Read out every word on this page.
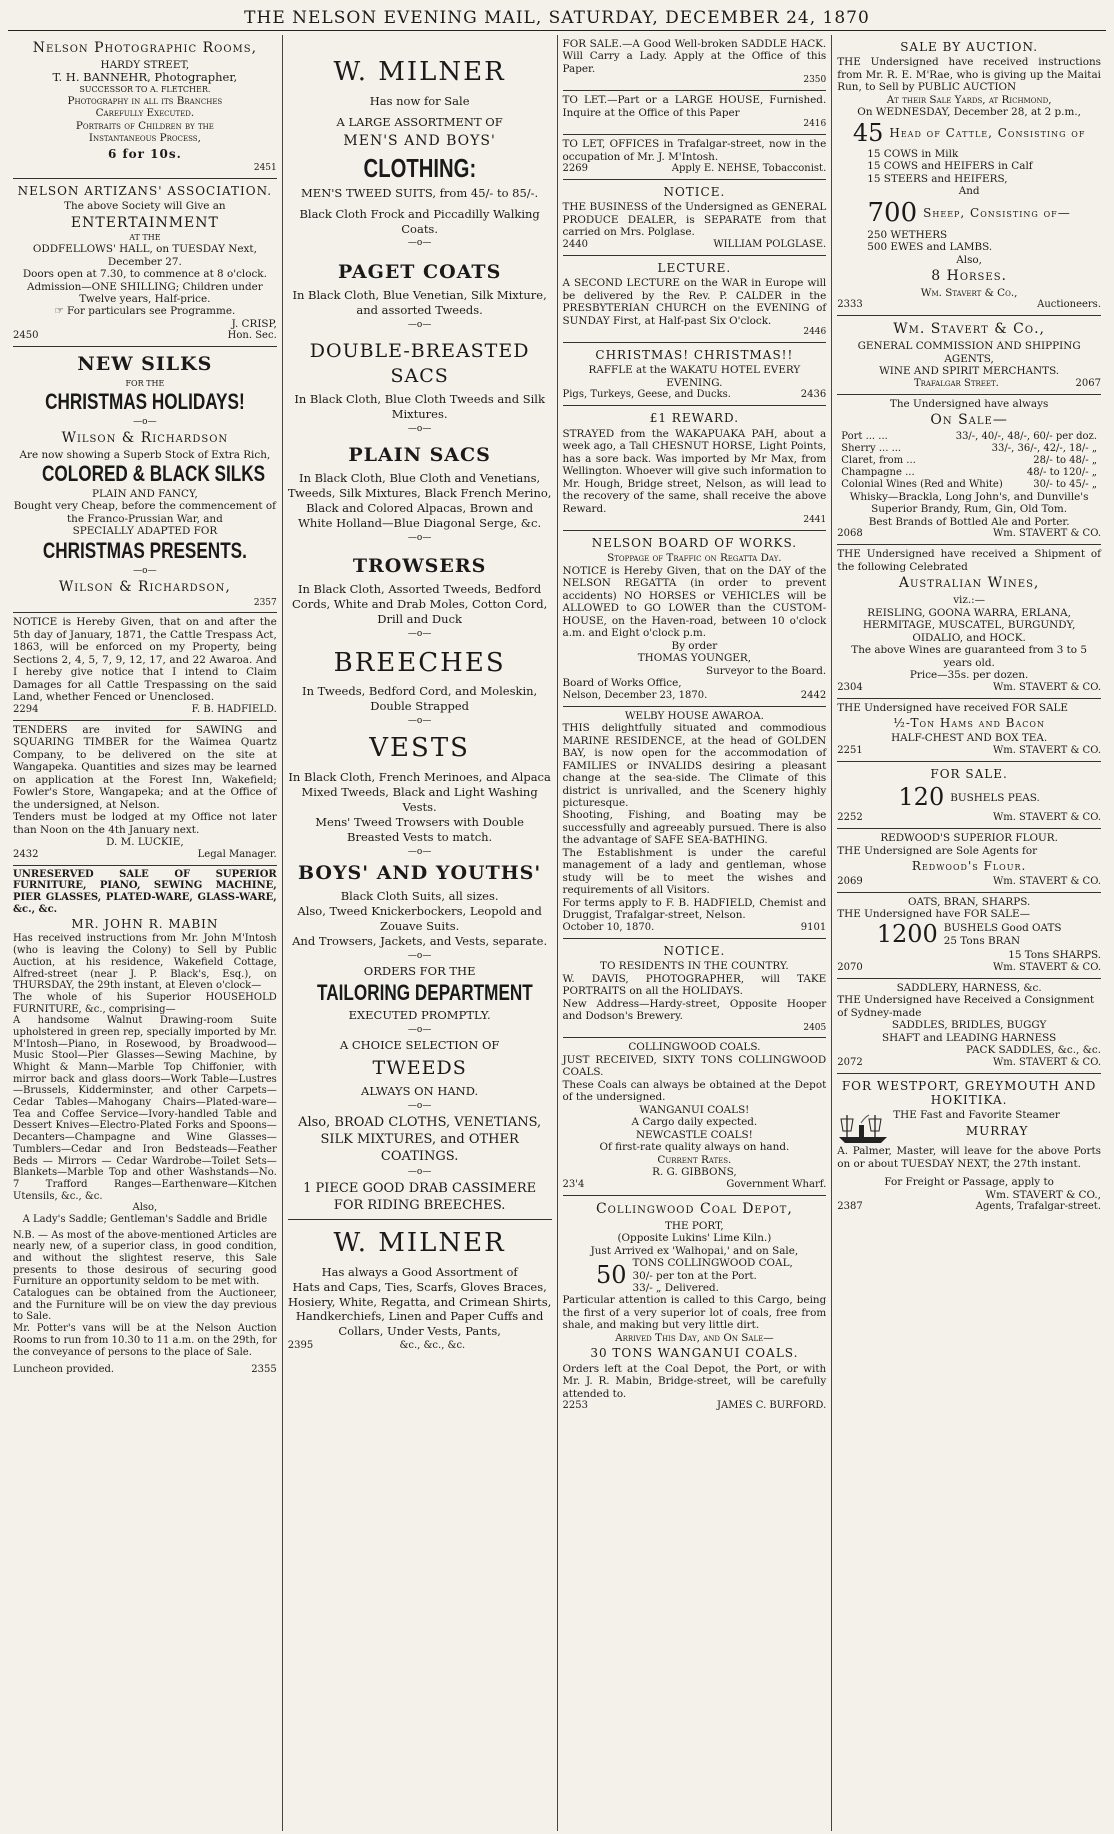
THE NELSON EVENING MAIL, SATURDAY, DECEMBER 24, 1870
Nelson Photographic Rooms,
HARDY STREET,
T. H. BANNEHR, Photographer,
SUCCESSOR TO A. FLETCHER.
Photography in all its Branches
Carefully Executed.
Portraits of Children by the
Instantaneous Process,
6 for 10s.
2451
NELSON ARTIZANS' ASSOCIATION.
The above Society will Give an
ENTERTAINMENT
AT THE
ODDFELLOWS' HALL, on TUESDAY Next, December 27.
Doors open at 7.30, to commence at 8 o'clock.
Admission—ONE SHILLING; Children under Twelve years, Half-price.
☞ For particulars see Programme.
J. CRISP,
2450	Hon. Sec.
NEW SILKS
FOR THE
CHRISTMAS HOLIDAYS!
—o—
Wilson & Richardson
Are now showing a Superb Stock of Extra Rich,
COLORED & BLACK SILKS
PLAIN AND FANCY,
Bought very Cheap, before the commencement of the Franco-Prussian War, and
SPECIALLY ADAPTED FOR
CHRISTMAS PRESENTS.
—o—
Wilson & Richardson,
2357
NOTICE is Hereby Given, that on and after the 5th day of January, 1871, the Cattle Trespass Act, 1863, will be enforced on my Property, being Sections 2, 4, 5, 7, 9, 12, 17, and 22 Awaroa. And I hereby give notice that I intend to Claim Damages for all Cattle Trespassing on the said Land, whether Fenced or Unenclosed.
2294	F. B. HADFIELD.
TENDERS are invited for SAWING and SQUARING TIMBER for the Waimea Quartz Company, to be delivered on the site at Wangapeka. Quantities and sizes may be learned on application at the Forest Inn, Wakefield; Fowler's Store, Wangapeka; and at the Office of the undersigned, at Nelson.
Tenders must be lodged at my Office not later than Noon on the 4th January next.
D. M. LUCKIE,
2432	Legal Manager.
UNRESERVED SALE OF SUPERIOR FURNITURE, PIANO, SEWING MACHINE, PIER GLASSES, PLATED-WARE, GLASS-WARE, &c., &c.
MR. JOHN R. MABIN
Has received instructions from Mr. John M'Intosh (who is leaving the Colony) to Sell by Public Auction, at his residence, Wakefield Cottage, Alfred-street (near J. P. Black's, Esq.), on THURSDAY, the 29th instant, at Eleven o'clock—
The whole of his Superior HOUSEHOLD FURNITURE, &c., comprising—
A handsome Walnut Drawing-room Suite upholstered in green rep, specially imported by Mr. M'Intosh—Piano, in Rosewood, by Broadwood—Music Stool—Pier Glasses—Sewing Machine, by Whight & Mann—Marble Top Chiffonier, with mirror back and glass doors—Work Table—Lustres—Brussels, Kidderminster, and other Carpets—Cedar Tables—Mahogany Chairs—Plated-ware—Tea and Coffee Service—Ivory-handled Table and Dessert Knives—Electro-Plated Forks and Spoons—Decanters—Champagne and Wine Glasses—Tumblers—Cedar and Iron Bedsteads—Feather Beds — Mirrors — Cedar Wardrobe—Toilet Sets—Blankets—Marble Top and other Washstands—No. 7 Trafford Ranges—Earthenware—Kitchen Utensils, &c., &c.
Also,
A Lady's Saddle; Gentleman's Saddle and Bridle
N.B. — As most of the above-mentioned Articles are nearly new, of a superior class, in good condition, and without the slightest reserve, this Sale presents to those desirous of securing good Furniture an opportunity seldom to be met with.
Catalogues can be obtained from the Auctioneer, and the Furniture will be on view the day previous to Sale.
Mr. Potter's vans will be at the Nelson Auction Rooms to run from 10.30 to 11 a.m. on the 29th, for the conveyance of persons to the place of Sale.
Luncheon provided.	2355
W. MILNER
Has now for Sale
A LARGE ASSORTMENT OF
MEN'S AND BOYS'
CLOTHING:
MEN'S TWEED SUITS, from 45/- to 85/-.
Black Cloth Frock and Piccadilly Walking Coats.
—o—
PAGET COATS
In Black Cloth, Blue Venetian, Silk Mixture, and assorted Tweeds.
—o—
DOUBLE-BREASTED SACS
In Black Cloth, Blue Cloth Tweeds and Silk Mixtures.
—o—
PLAIN SACS
In Black Cloth, Blue Cloth and Venetians, Tweeds, Silk Mixtures, Black French Merino, Black and Colored Alpacas, Brown and White Holland—Blue Diagonal Serge, &c.
—o—
TROWSERS
In Black Cloth, Assorted Tweeds, Bedford Cords, White and Drab Moles, Cotton Cord, Drill and Duck
—o—
BREECHES
In Tweeds, Bedford Cord, and Moleskin, Double Strapped
—o—
VESTS
In Black Cloth, French Merinoes, and Alpaca Mixed Tweeds, Black and Light Washing Vests.
Mens' Tweed Trowsers with Double Breasted Vests to match.
—o—
BOYS' AND YOUTHS'
Black Cloth Suits, all sizes.
Also, Tweed Knickerbockers, Leopold and Zouave Suits.
And Trowsers, Jackets, and Vests, separate.
—o—
ORDERS FOR THE
TAILORING DEPARTMENT
EXECUTED PROMPTLY.
—o—
A CHOICE SELECTION OF
TWEEDS
ALWAYS ON HAND.
—o—
Also, BROAD CLOTHS, VENETIANS, SILK MIXTURES, and OTHER COATINGS.
—o—
1 PIECE GOOD DRAB CASSIMERE FOR RIDING BREECHES.
W. MILNER
Has always a Good Assortment of
Hats and Caps, Ties, Scarfs, Gloves Braces, Hosiery, White, Regatta, and Crimean Shirts, Handkerchiefs, Linen and Paper Cuffs and Collars, Under Vests, Pants,
2395	&c., &c., &c.
FOR SALE.—A Good Well-broken SADDLE HACK. Will Carry a Lady. Apply at the Office of this Paper.
2350
TO LET.—Part or a LARGE HOUSE, Furnished. Inquire at the Office of this Paper
2416
TO LET, OFFICES in Trafalgar-street, now in the occupation of Mr. J. M'Intosh.
2269	Apply E. NEHSE, Tobacconist.
NOTICE.
THE BUSINESS of the Undersigned as GENERAL PRODUCE DEALER, is SEPARATE from that carried on Mrs. Polglase.
2440	WILLIAM POLGLASE.
LECTURE.
A SECOND LECTURE on the WAR in Europe will be delivered by the Rev. P. CALDER in the PRESBYTERIAN CHURCH on the EVENING of SUNDAY First, at Half-past Six O'clock.
2446
CHRISTMAS! CHRISTMAS!!
RAFFLE at the WAKATU HOTEL EVERY EVENING.
Pigs, Turkeys, Geese, and Ducks.	2436
£1 REWARD.
STRAYED from the WAKAPUAKA PAH, about a week ago, a Tall CHESNUT HORSE, Light Points, has a sore back. Was imported by Mr Max, from Wellington. Whoever will give such information to Mr. Hough, Bridge street, Nelson, as will lead to the recovery of the same, shall receive the above Reward.
2441
NELSON BOARD OF WORKS.
Stoppage of Traffic on Regatta Day.
NOTICE is Hereby Given, that on the DAY of the NELSON REGATTA (in order to prevent accidents) NO HORSES or VEHICLES will be ALLOWED to GO LOWER than the CUSTOM-HOUSE, on the Haven-road, between 10 o'clock a.m. and Eight o'clock p.m.
By order
THOMAS YOUNGER,
Surveyor to the Board.
Board of Works Office,
Nelson, December 23, 1870.	2442
WELBY HOUSE AWAROA.
THIS delightfully situated and commodious MARINE RESIDENCE, at the head of GOLDEN BAY, is now open for the accommodation of FAMILIES or INVALIDS desiring a pleasant change at the sea-side. The Climate of this district is unrivalled, and the Scenery highly picturesque.
Shooting, Fishing, and Boating may be successfully and agreeably pursued. There is also the advantage of SAFE SEA-BATHING.
The Establishment is under the careful management of a lady and gentleman, whose study will be to meet the wishes and requirements of all Visitors.
For terms apply to F. B. HADFIELD, Chemist and Druggist, Trafalgar-street, Nelson.
October 10, 1870.	9101
NOTICE.
TO RESIDENTS IN THE COUNTRY.
W. DAVIS, PHOTOGRAPHER, will TAKE PORTRAITS on all the HOLIDAYS.
New Address—Hardy-street, Opposite Hooper and Dodson's Brewery.
2405
COLLINGWOOD COALS.
JUST RECEIVED, SIXTY TONS COLLINGWOOD COALS.
These Coals can always be obtained at the Depot of the undersigned.
WANGANUI COALS!
A Cargo daily expected.
NEWCASTLE COALS!
Of first-rate quality always on hand.
Current Rates.
R. G. GIBBONS,
23'4	Government Wharf.
Collingwood Coal Depot,
THE PORT,
(Opposite Lukins' Lime Kiln.)
Just Arrived ex 'Walhopai,' and on Sale,
50 TONS COLLINGWOOD COAL,
30/- per ton at the Port.
33/- „ Delivered.
Particular attention is called to this Cargo, being the first of a very superior lot of coals, free from shale, and making but very little dirt.
Arrived This Day, and On Sale—
30 TONS WANGANUI COALS.
Orders left at the Coal Depot, the Port, or with Mr. J. R. Mabin, Bridge-street, will be carefully attended to.
2253	JAMES C. BURFORD.
SALE BY AUCTION.
THE Undersigned have received instructions from Mr. R. E. M'Rae, who is giving up the Maitai Run, to Sell by PUBLIC AUCTION
At their Sale Yards, at Richmond,
On WEDNESDAY, December 28, at 2 p.m.,
45 Head of Cattle, Consisting of
15 COWS in Milk
15 COWS and HEIFERS in Calf
15 STEERS and HEIFERS,
And
700 Sheep, Consisting of—
250 WETHERS
500 EWES and LAMBS.
Also,
8 Horses.
Wm. Stavert & Co.,
2333	Auctioneers.
Wm. Stavert & Co.,
GENERAL COMMISSION AND SHIPPING AGENTS,
WINE AND SPIRIT MERCHANTS.
Trafalgar Street.	2067
The Undersigned have always
On Sale—
Port ... ...	33/-, 40/-, 48/-, 60/- per doz.
Sherry ... ...	33/-, 36/-, 42/-, 18/- „
Claret, from ...	28/- to 48/- „
Champagne ...	48/- to 120/- „
Colonial Wines (Red and White)	30/- to 45/- „
Whisky—Brackla, Long John's, and Dunville's
Superior Brandy, Rum, Gin, Old Tom.
Best Brands of Bottled Ale and Porter.
2068	Wm. STAVERT & CO.
THE Undersigned have received a Shipment of the following Celebrated
Australian Wines,
viz.:—
REISLING, GOONA WARRA, ERLANA, HERMITAGE, MUSCATEL, BURGUNDY, OIDALIO, and HOCK.
The above Wines are guaranteed from 3 to 5 years old.
Price—35s. per dozen.
2304	Wm. STAVERT & CO.
THE Undersigned have received FOR SALE
½-Ton Hams and Bacon
HALF-CHEST AND BOX TEA.
2251	Wm. STAVERT & CO.
FOR SALE.
120 BUSHELS PEAS.
2252	Wm. STAVERT & CO.
REDWOOD'S SUPERIOR FLOUR.
THE Undersigned are Sole Agents for
Redwood's Flour.
2069	Wm. STAVERT & CO.
OATS, BRAN, SHARPS.
THE Undersigned have FOR SALE—
1200 BUSHELS Good OATS
25 Tons BRAN
15 Tons SHARPS.
2070	Wm. STAVERT & CO.
SADDLERY, HARNESS, &c.
THE Undersigned have Received a Consignment of Sydney-made
SADDLES, BRIDLES, BUGGY
SHAFT and LEADING HARNESS
PACK SADDLES, &c., &c.
2072	Wm. STAVERT & CO.
FOR WESTPORT, GREYMOUTH AND HOKITIKA.
THE Fast and Favorite Steamer
MURRAY
A. Palmer, Master, will leave for the above Ports on or about TUESDAY NEXT, the 27th instant.
For Freight or Passage, apply to
Wm. STAVERT & CO.,
2387	Agents, Trafalgar-street.
